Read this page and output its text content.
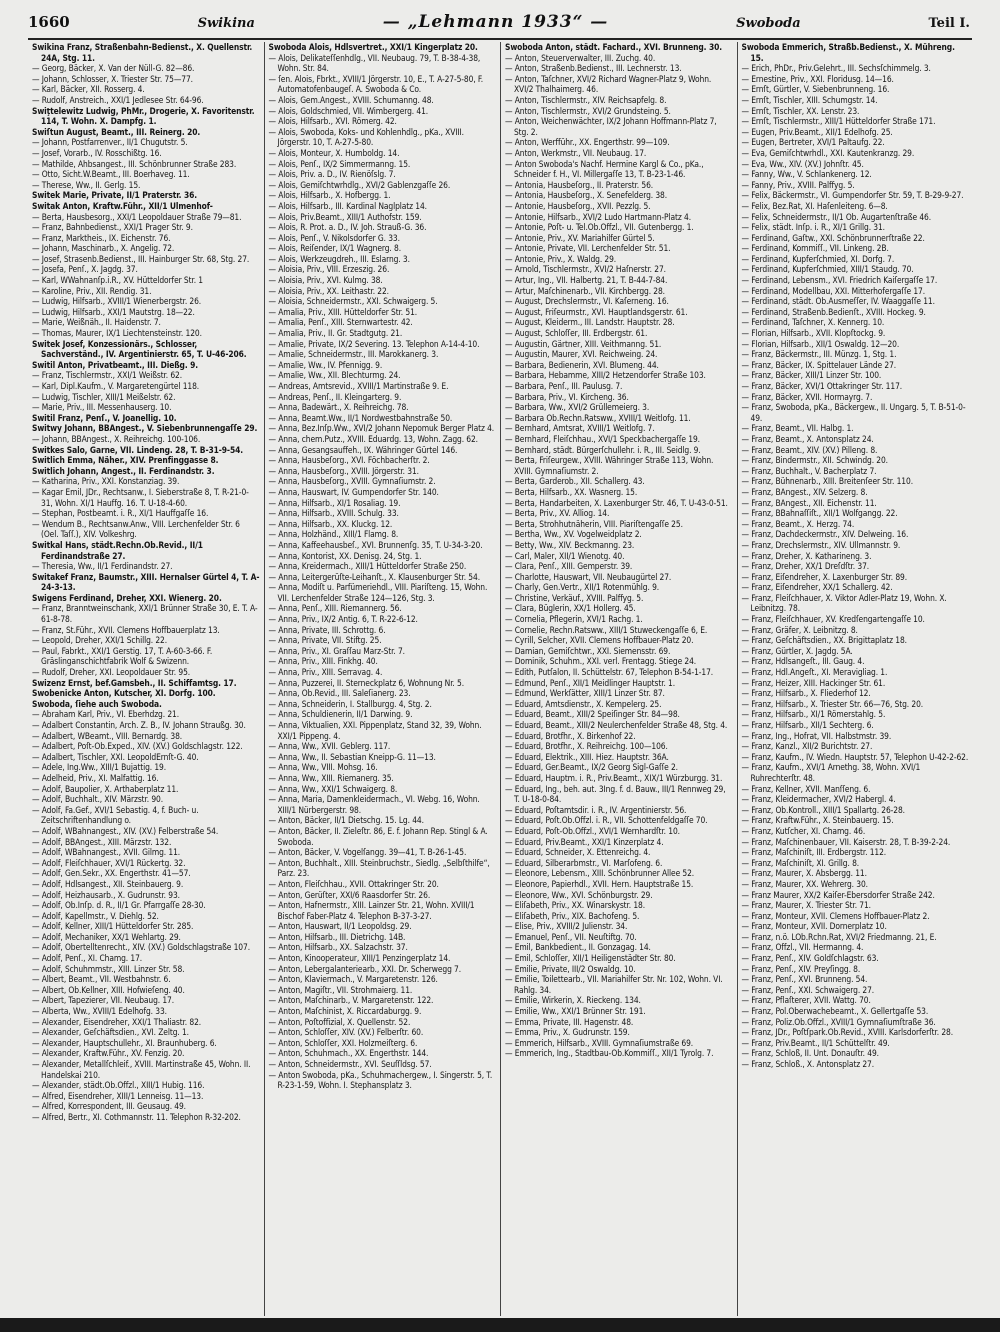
1660	Swikina	— „Lehmann 1933“ —	Swoboda	Teil I.
Swikina Franz, Straßenbahn-Bedienst., X. Quellenstr. 24A, Stg. 11.
— Georg, Bäcker, X. Van der Nüll-G. 82—86.
— Johann, Schlosser, X. Triester Str. 75—77.
— Karl, Bäcker, XII. Rosserg. 4.
— Rudolf, Anstreich., XXI/1 Jedlesee Str. 64-96.
Swiţtelewitz Ludwig, PhMr., Drogerie, X. Favoritenstr. 114, T. Wohn. X. Dampfg. 1.
Swiſtun August, Beamt., III. Reinerg. 20.
— Johann, Postfarrenver., II/1 Chugutstr. 5.
— Josef, Vorarb., IV. Rosschißtg. 16.
— Mathilde, Ahbsangest., III. Schönbrunner Straße 283.
— Otto, Sicht.W.Beamt., III. Boerhaveg. 11.
— Therese, Ww., II. Gerlg. 15.
Switek Marie, Private, II/1 Praterstr. 36.
Switak Anton, Kraftw.Führ., XII/1 Ulmenhof-
— Berta, Hausbesorg., XXI/1 Leopoldauer Straße 79—81.
— Franz, Bahnbedienst., XXI/1 Prager Str. 9.
— Franz, Marktheis., IX. Eichenstr. 76.
— Johann, Maschinarb., X. Angelig. 72.
— Josef, Strasenb.Bedienst., III. Hainburger Str. 68, Stg. 27.
— Josefa, Penſ., X. Jagdg. 37.
— Karl, WWahnanſp.i.R., XV. Hütteldorfer Str. 1
— Karoline, Priv., XII. Rendig. 31.
— Ludwig, Hilfsarb., XVIII/1 Wienerbergstr. 26.
— Ludwig, Hilfsarb., XXI/1 Mautstrg. 18—22.
— Marie, Weißnäh., II. Haidenstr. 7.
— Thomas, Maurer, IX/1 Liechtensteinstr. 120.
Switek Josef, Konzessionärs., Schlosser, Sachverständ., IV. Argentinierstr. 65, T. U-46-206.
Switil Anton, Privatbeamt., III. Dießg. 9.
— Franz, Tischlermstr., XXI/1 Weißstr. 62.
— Karl, Dipl.Kaufm., V. Margaretengürtel 118.
— Ludwig, Tischler, XIII/1 Meißelstr. 62.
— Marie, Priv., III. Messenhauserg. 10.
Switil Franz, Penſ., V. Joanellig. 10.
Switwy Johann, BBAngest., V. Siebenbrunnengaſſe 29.
— Johann, BBAngest., X. Reihreichg. 100-106.
Switkes Salo, Garne, VII. Lindeng. 28, T. B-31-9-54.
Switlich Emma, Näher., XIV. Prenfinggasse 8.
Switlich Johann, Angest., II. Ferdinandstr. 3.
— Katharina, Priv., XXI. Konstanziag. 39.
— Kagar Emil, JDr., Rechtsanw., I. Sieberstraße 8, T. R-21-0-31, Wohn. XI/1 Hauffg. 16. T. U-18-4-60.
— Stephan, Postbeamt. i. R., XI/1 Hauffgaſſe 16.
— Wendum B., Rechtsanw.Anw., VIII. Lerchenfelder Str. 6 (Oel. Taſſ.), XIV. Volkeshrg.
Switkal Hans, städt.Rechn.Ob.Revid., II/1 Ferdinandstraße 27.
— Theresia, Ww., II/1 Ferdinandstr. 27.
Switakef Franz, Baumstr., XIII. Hernalser Gürtel 4, T. A-24-3-13.
Swigens Ferdinand, Dreher, XXI. Wienerg. 20.
— Franz, Branntweinschank, XXI/1 Brünner Straße 30, E. T. A-61-8-78.
— Franz, St.Führ., XVII. Clemens Hoffbauerplatz 13.
— Leopold, Dreher, XXI/1 Schillg. 22.
— Paul, Fabrkt., XXI/1 Gerstig. 17, T. A-60-3-66. F. Gräslinganschichtfabrik Wolf & Swizenn.
— Rudolf, Dreher, XXI. Leopoldauer Str. 95.
Swizenz Ernst, bef.Gamsbeh., II. Schiffamtsg. 17.
Swobenicke Anton, Kutscher, XI. Dorfg. 100.
Swoboda, ſiehe auch Swoboda.
— Abraham Karl, Priv., VI. Eberhdzg. 21.
— Adalbert Constantin, Arch. Z. B., IV. Johann Straußg. 30.
— Adalbert, WBeamt., VIII. Bernardg. 38.
— Adalbert, Poſt-Ob.Exped., XIV. (XV.) Goldschlagstr. 122.
— Adalbert, Tischler, XXI. LeopoldErnſt-G. 40.
— Adele, Ing.Ww., XIII/1 Bujattig. 19.
— Adelheid, Priv., XI. Malfattig. 16.
— Adolf, Baupolier, X. Arthaberplatz 11.
— Adolf, Buchhalt., XIV. Märzstr. 90.
— Adolf, Fa.Gef., XVI/1 Sebastig. 4, f. Buch- u. Zeitschriftenhandlung o.
— Adolf, WBahnangest., XIV. (XV.) Felberstraße 54.
— Adolf, BBAngest., XIII. Märzstr. 132.
— Adolf, WBahnangest., XVII. Gilmg. 11.
— Adolf, Fleiſchhauer, XVI/1 Rückertg. 32.
— Adolf, Gen.Sekr., XX. Engerthstr. 41—57.
— Adolf, Hdlsangest., XII. Steinbauerg. 9.
— Adolf, Heizhausarb., X. Gudrunstr. 93.
— Adolf, Ob.Inſp. d. R., II/1 Gr. Pfarrgaſſe 28-30.
— Adolf, Kapellmstr., V. Diehlg. 52.
— Adolf, Kellner, XIII/1 Hütteldorfer Str. 285.
— Adolf, Mechaniker, XX/1 Wehlartg. 29.
— Adolf, Obertelltenrecht., XIV. (XV.) Goldschlagstraße 107.
— Adolf, Penſ., XI. Chamg. 17.
— Adolf, Schuhmmstr., XIII. Linzer Str. 58.
— Albert, Beamt., VII. Westbahnstr. 6.
— Albert, Ob.Kellner, XIII. Hofwieſeng. 40.
— Albert, Tapezierer, VII. Neubaug. 17.
— Alberta, Ww., XVIII/1 Edelhofg. 33.
— Alexander, Eisendreher, XXI/1 Thaliastr. 82.
— Alexander, Geſchäftsdien., XVI. Zeltg. 1.
— Alexander, Hauptschullehr., XI. Braunhuberg. 6.
— Alexander, Kraftw.Führ., XV. Fenzig. 20.
— Alexander, Metallſchleif., XVIII. Martinstraße 45, Wohn. II. Handelskai 210.
— Alexander, städt.Ob.Offzl., XIII/1 Hubig. 116.
— Alfred, Eisendreher, XIII/1 Lenneisg. 11—13.
— Alfred, Korrespondent, III. Geusaug. 49.
— Alfred, Bertr., XI. Cothmannstr. 11. Telephon R-32-202.
Swoboda Alois, Hdlsvertret., XXI/1 Kingerplatz 20.
— Alois, Delikateſſenhdlg., VII. Neubaug. 79, T. B-38-4-38, Wohn. Str. 84.
— ſen. Alois, Fbrkt., XVIII/1 Jörgerstr. 10, E., T. A-27-5-80, F. Automatofenbaugeſ. A. Swoboda & Co.
— Alois, Gem.Angest., XVIII. Schumanng. 48.
— Alois, Goldschmied, VII. Wimbergerg. 41.
— Alois, Hilfsarb., XVI. Römerg. 42.
— Alois, Swoboda, Koks- und Kohlenhdlg., pKa., XVIII. Jörgerstr. 10, T. A-27-5-80.
— Alois, Monteur, X. Humboldg. 14.
— Alois, Penſ., IX/2 Simmermanng. 15.
— Alois, Priv. a. D., IV. Rienöſslg. 7.
— Alois, Gemiſchtwrhdlg., XVI/2 Gablenzgaſſe 26.
— Alois, Hilfsarb., X. Hofbergg. 1.
— Alois, Hilfsarb., III. Kardinal Naglplatz 14.
— Alois, Priv.Beamt., XIII/1 Authofstr. 159.
— Alois, R. Prot. a. D., IV. Joh. Strauß-G. 36.
— Alois, Penſ., V. Nikolsdorfer G. 33.
— Alois, Reiſender, IX/1 Wagnerg. 8.
— Alois, Werkzeugdreh., III. Eslarng. 3.
— Aloisia, Priv., VIII. Erzeszig. 26.
— Aloisia, Priv., XVI. Kulmg. 38.
— Aloisia, Priv., XX. Leithastr. 22.
— Aloisia, Schneidermstr., XXI. Schwaigerg. 5.
— Amalia, Priv., XIII. Hütteldorfer Str. 51.
— Amalia, Penſ., XIII. Sternwartestr. 42.
— Amalia, Priv., II. Gr. Stadtgutg. 21.
— Amalie, Private, IX/2 Severing. 13. Telephon A-14-4-10.
— Amalie, Schneidermstr., III. Marokkanerg. 3.
— Amalie, Ww., IV. Pfennigg. 9.
— Amalie, Ww., XII. Blechturmg. 24.
— Andreas, Amtsrevid., XVIII/1 Martinstraße 9. E.
— Andreas, Penſ., II. Kleingarterg. 9.
— Anna, Badewärt., X. Reihreichg. 78.
— Anna, Beamt.Ww., II/1 Nordwestbahnstraße 50.
— Anna, Bez.Inſp.Ww., XVI/2 Johann Nepomuk Berger Platz 4.
— Anna, chem.Putz., XVIII. Eduardg. 13, Wohn. Zagg. 62.
— Anna, Gesangsauffeh., IX. Währinger Gürtel 146.
— Anna, Hausbeſorg., XVI. Föchbacherſtr. 2.
— Anna, Hausbeſorg., XVIII. Jörgerstr. 31.
— Anna, Hausbeſorg., XVIII. Gymnaſiumstr. 2.
— Anna, Hauswart, IV. Gumpendorfer Str. 140.
— Anna, Hilfsarb., XI/1 Rosaliag. 19.
— Anna, Hilfsarb., XVIII. Schulg. 33.
— Anna, Hilfsarb., XX. Kluckg. 12.
— Anna, Holzhänd., XIII/1 Flamg. 8.
— Anna, Kaffeehausbeſ., XVI. Brunnenſg. 35, T. U-34-3-20.
— Anna, Kontorist, XX. Denisg. 24, Stg. 1.
— Anna, Kreidermach., XIII/1 Hütteldorfer Straße 250.
— Anna, Leitergerüſte-Leihanſt., X. Klausenburger Str. 54.
— Anna, Modiſt u. Parfümeriehdl., VIII. Piariſteng. 15, Wohn. VII. Lerchenfelder Straße 124—126, Stg. 3.
— Anna, Penſ., XIII. Riemannerg. 56.
— Anna, Priv., IX/2 Antig. 6, T. R-22-6-12.
— Anna, Private, III. Schrottg. 6.
— Anna, Private, VII. Stiftg. 25.
— Anna, Priv., XI. Graſſau Marz-Str. 7.
— Anna, Priv., XIII. Finkhg. 40.
— Anna, Priv., XIII. Serravag. 4.
— Anna, Puzzerei, II. Sterneckplatz 6, Wohnung Nr. 5.
— Anna, Ob.Revid., III. Saleſianerg. 23.
— Anna, Schneiderin, I. Stallburgg. 4, Stg. 2.
— Anna, Schuldienerin, II/1 Darwing. 9.
— Anna, Viktualien, XXI. Pippenplatz, Stand 32, 39, Wohn. XXI/1 Pippeng. 4.
— Anna, Ww., XVII. Geblerg. 117.
— Anna, Ww., II. Sebastian Kneipp-G. 11—13.
— Anna, Ww., VIII. Mohsg. 16.
— Anna, Ww., XIII. Riemanerg. 35.
— Anna, Ww., XXI/1 Schwaigerg. 8.
— Anna, Maria, Damenkleidermach., VI. Webg. 16, Wohn. XIII/1 Nürbergerstr. 98.
— Anton, Bäcker, II/1 Dietschg. 15. Lg. 44.
— Anton, Bäcker, II. Zieleſtr. 86, E. f. Johann Rep. Stingl & A. Swoboda.
— Anton, Bäcker, V. Vogelſangg. 39—41, T. B-26-1-45.
— Anton, Buchhalt., XIII. Steinbruchstr., Siedlg. „Selbſthilfe“, Parz. 23.
— Anton, Fleiſchhau., XVII. Ottakringer Str. 20.
— Anton, Gerüſter, XXI/6 Raasdorfer Str. 26.
— Anton, Hafnermstr., XIII. Lainzer Str. 21, Wohn. XVIII/1 Bischof Faber-Platz 4. Telephon B-37-3-27.
— Anton, Hauswart, II/1 Leopoldsg. 29.
— Anton, Hilfsarb., III. Dietrichg. 14B.
— Anton, Hilfsarb., XX. Salzachstr. 37.
— Anton, Kinooperateur, XIII/1 Penzingerplatz 14.
— Anton, Lebergalanteriearb., XXI. Dr. Scherwegg 7.
— Anton, Klaviermach., V. Margaretenstr. 126.
— Anton, Magiſtr., VII. Strohmaierg. 11.
— Anton, Maſchinarb., V. Margaretenstr. 122.
— Anton, Maſchinist, X. Riccardaburgg. 9.
— Anton, Poſtoffizial, X. Quellenstr. 52.
— Anton, Schloſſer, XIV. (XV.) Felberſtr. 60.
— Anton, Schloſſer, XXI. Holzmeiſterg. 6.
— Anton, Schuhmach., XX. Engerthstr. 144.
— Anton, Schneidermstr., XVI. Seuſſldsg. 57.
— Anton Swoboda, pKa., Schuhmachergew., I. Singerstr. 5, T. R-23-1-59, Wohn. I. Stephansplatz 3.
Swoboda Anton, städt. Fachard., XVI. Brunneng. 30.
— Anton, Steuerverwalter, III. Zuchg. 40.
— Anton, Straßenb.Bedienst., III. Lechnerstr. 13.
— Anton, Taſchner, XVI/2 Richard Wagner-Platz 9, Wohn. XVI/2 Thalhaimerg. 46.
— Anton, Tischlermstr., XIV. Reichsapfelg. 8.
— Anton, Tischlermstr., XVI/2 Grundsteing. 5.
— Anton, Weichenwächter, IX/2 Johann Hoffmann-Platz 7, Stg. 2.
— Anton, Werfführ., XX. Engerthstr. 99—109.
— Anton, Werkmstr., VII. Neubaug. 17.
— Anton Swoboda's Nachf. Hermine Kargl & Co., pKa., Schneider f. H., VI. Millergaſſe 13, T. B-23-1-46.
— Antonia, Hausbeſorg., II. Praterstr. 56.
— Antonia, Hausbeſorg., X. Senefelderg. 38.
— Antonie, Hausbeſorg., XVII. Pezzlg. 5.
— Antonie, Hilfsarb., XVI/2 Ludo Hartmann-Platz 4.
— Antonie, Poſt- u. Tel.Ob.Offzl., VII. Gutenbergg. 1.
— Antonie, Priv., XV. Mariahilfer Gürtel 5.
— Antonie, Private, VII. Lerchenfelder Str. 51.
— Antonie, Priv., X. Waldg. 29.
— Arnold, Tischlermstr., XVI/2 Haſnerstr. 27.
— Artur, Ing., VII. Halbertg. 21, T. B-44-7-84.
— Artur, Maſchinenarb., VII. Kirchbergg. 28.
— August, Drechslermstr., VI. Kaſerneng. 16.
— August, Friſeurmstr., XVI. Hauptlandsgerstr. 61.
— August, Kleiderm., III. Landstr. Hauptstr. 28.
— August, Schloſſer, III. Erdbergstr. 61.
— Augustin, Gärtner, XIII. Veithmanng. 51.
— Augustin, Maurer, XVI. Reichweing. 24.
— Barbara, Bedienerin, XVI. Blumeng. 44.
— Barbara, Hebamme, XIII/2 Hetzendorfer Straße 103.
— Barbara, Penſ., III. Paulusg. 7.
— Barbara, Priv., VI. Kircheng. 36.
— Barbara, Ww., XVI/2 Grüllemeierg. 3.
— Barbara Ob.Rechn.Ratsww., XVIII/1 Weitlofg. 11.
— Bernhard, Amtsrat, XVIII/1 Weitlofg. 7.
— Bernhard, Fleiſchhau., XVI/1 Speckbachergaſſe 19.
— Bernhard, städt. Bürgerſchullehr. i. R., III. Seidlg. 9.
— Berta, Friſeurgew., XVIII. Währinger Straße 113, Wohn. XVIII. Gymnaſiumstr. 2.
— Berta, Garderob., XII. Schallerg. 43.
— Berta, Hilfsarb., XX. Wasnerg. 15.
— Berta, Handarbeiten, X. Laxenburger Str. 46, T. U-43-0-51.
— Berta, Priv., XV. Alliog. 14.
— Berta, Strohhutnäherin, VIII. Piariſtengaſſe 25.
— Bertha, Ww., XV. Vogelweidplatz 2.
— Betty, Ww., XIV. Beckmanng. 23.
— Carl, Maler, XII/1 Wienotg. 40.
— Clara, Penſ., XIII. Gemperstr. 39.
— Charlotte, Hauswart, VII. Neubaugürtel 27.
— Charly, Gen.Vertr., XII/1 Rotenmühlg. 9.
— Christine, Verkäuf., XVIII. Palffyg. 5.
— Clara, Büglerin, XX/1 Hollerg. 45.
— Cornelia, Pflegerin, XVI/1 Rachg. 1.
— Cornelie, Rechn.Ratsww., XIII/1 Stuweckengaſſe 6, E.
— Cyrill, Selcher, XVII. Clemens Hoffbauer-Platz 20.
— Damian, Gemiſchtwr., XXI. Siemensstr. 69.
— Dominik, Schuhm., XXI. verl. Frentagg. Stiege 24.
— Edith, Putſalon, II. Schüttelstr. 67, Telephon B-54-1-17.
— Edmund, Penſ., XII/1 Meidlinger Hauptstr. 1.
— Edmund, Werkſätter, XIII/1 Linzer Str. 87.
— Eduard, Amtsdienstr., X. Kempelerg. 25.
— Eduard, Beamt., XIII/2 Speiſinger Str. 84—98.
— Eduard, Beamt., XIII/2 Neulerchenfelder Straße 48, Stg. 4.
— Eduard, Brotfhr., X. Birkenhof 22.
— Eduard, Brotfhr., X. Reihreichg. 100—106.
— Eduard, Elektrik., XIII. Hiez. Hauptstr. 36A.
— Eduard, Ger.Beamt., IX/2 Georg Sigl-Gaſſe 2.
— Eduard, Hauptm. i. R., Priv.Beamt., XIX/1 Würzburgg. 31.
— Eduard, Ing., beh. aut. 3Ing. f. d. Bauw., III/1 Rennweg 29, T. U-18-0-84.
— Eduard, Poſtamtsdir. i. R., IV. Argentinierstr. 56.
— Eduard, Poſt.Ob.Offzl. i. R., VII. Schottenfeldgaſſe 70.
— Eduard, Poſt-Ob.Offzl., XVI/1 Wernhardſtr. 10.
— Eduard, Priv.Beamt., XXI/1 Kinzerplatz 4.
— Eduard, Schneider, X. Ettenreichg. 4.
— Eduard, Silberarbmstr., VI. Marſofeng. 6.
— Eleonore, Lebensm., XIII. Schönbrunner Allee 52.
— Eleonore, Papierhdl., XVII. Hern. Hauptstraße 15.
— Eleonore, Ww., XVI. Schönburgstr. 29.
— Eliſabeth, Priv., XX. Winarskystr. 18.
— Eliſabeth, Priv., XIX. Bachofeng. 5.
— Elise, Priv., XVIII/2 Julienstr. 34.
— Emanuel, Penſ., VII. Neuſtiftg. 70.
— Emil, Bankbedient., II. Gonzagag. 14.
— Emil, Schloſſer, XII/1 Heiligenstädter Str. 80.
— Emilie, Private, III/2 Oswaldg. 10.
— Emilie, Toilettearb., VII. Mariahilfer Str. Nr. 102, Wohn. VI. Rahlg. 34.
— Emilie, Wirkerin, X. Rieckeng. 134.
— Emilie, Ww., XXI/1 Brünner Str. 191.
— Emma, Private, III. Hagenstr. 48.
— Emma, Priv., X. Gudrunstr. 159.
— Emmerich, Hilfsarb., XVIII. Gymnaſiumstraße 69.
— Emmerich, Ing., Stadtbau-Ob.Kommiſſ., XII/1 Tyrolg. 7.
Swoboda Emmerich, Straßb.Bedienst., X. Mühreng. 15.
— Erich, PhDr., Priv.Gelehrt., III. Sechsſchimmelg. 3.
— Ernestine, Priv., XXI. Floridusg. 14—16.
— Ernſt, Gürtler, V. Siebenbrunneng. 16.
— Ernſt, Tischler, XIII. Schumgstr. 14.
— Ernſt, Tischler, XX. Lenstr. 23.
— Ernſt, Tischlermstr., XIII/1 Hütteldorfer Straße 171.
— Eugen, Priv.Beamt., XII/1 Edelhofg. 25.
— Eugen, Bertreter, XVI/1 Paltaufg. 22.
— Eva, Gemiſchtwrhdl., XXI. Kautenkranzg. 29.
— Eva, Ww., XIV. (XV.) Johnſtr. 45.
— Fanny, Ww., V. Schlankenerg. 12.
— Fanny, Priv., XVIII. Palffyg. 5.
— Felix, Bäckermstr., VI. Gumpendorfer Str. 59, T. B-29-9-27.
— Felix, Bez.Rat, XI. Haſenleiteng. 6—8.
— Felix, Schneidermstr., II/1 Ob. Augartenſtraße 46.
— Felix, städt. Inſp. i. R., XI/1 Grillg. 31.
— Ferdinand, Gaſtw., XXI. Schönbrunnerſtraße 22.
— Ferdinand, Kommiſſ., VII. Linkeng. 2B.
— Ferdinand, Kupferſchmied, XI. Dorfg. 7.
— Ferdinand, Kupferſchmied, XIII/1 Staudg. 70.
— Ferdinand, Lebensm., XVI. Friedrich Kaiſergaſſe 17.
— Ferdinand, Modellbau, XXI. Mitterhofergaſſe 17.
— Ferdinand, städt. Ob.Ausmeſſer, IV. Waaggaſſe 11.
— Ferdinand, Straßenb.Bedienſt., XVIII. Hockeg. 9.
— Ferdinand, Taſchner, X. Kennerg. 10.
— Florian, Hilfsarb., XVII. Klopſtockg. 9.
— Florian, Hilfsarb., XII/1 Oswaldg. 12—20.
— Franz, Bäckermstr., III. Münzg. 1, Stg. 1.
— Franz, Bäcker, IX. Spittelauer Lände 27.
— Franz, Bäcker, XIII/1 Linzer Str. 100.
— Franz, Bäcker, XVI/1 Ottakringer Str. 117.
— Franz, Bäcker, XVII. Hormayrg. 7.
— Franz, Swoboda, pKa., Bäckergew., II. Ungarg. 5, T. B-51-0-49.
— Franz, Beamt., VII. Halbg. 1.
— Franz, Beamt., X. Antonsplatz 24.
— Franz, Beamt., XIV. (XV.) Pilleng. 8.
— Franz, Bindermstr., XII. Schwindg. 20.
— Franz, Buchhalt., V. Bacherplatz 7.
— Franz, Bühnenarb., XIII. Breitenſeer Str. 110.
— Franz, BAngest., XIV. Selzerg. 8.
— Franz, BAngest., XII. Eichenstr. 11.
— Franz, BBahnaſſiſt., XII/1 Wolfgangg. 22.
— Franz, Beamt., X. Herzg. 74.
— Franz, Dachdeckermstr., XIV. Delweing. 16.
— Franz, Drechslermstr., XIV. Ullmannstr. 9.
— Franz, Dreher, X. Katharineng. 3.
— Franz, Dreher, XX/1 Dreſdſtr. 37.
— Franz, Eiſendreher, X. Laxenburger Str. 89.
— Franz, Eiſendreher, XX/1 Schallerg. 42.
— Franz, Fleiſchhauer, X. Viktor Adler-Platz 19, Wohn. X. Leibnitzg. 78.
— Franz, Fleiſchhauer, XV. Kredſengartengaſſe 10.
— Franz, Gräfer, X. Leibnitzg. 8.
— Franz, Geſchäftsdien., XX. Brigittaplatz 18.
— Franz, Gürtler, X. Jagdg. 5A.
— Franz, Hdlsangeſt., III. Gaug. 4.
— Franz, Hdl.Angeſt., XI. Meravigliag. 1.
— Franz, Heizer, XIII. Hackinger Str. 61.
— Franz, Hilfsarb., X. Fliederhof 12.
— Franz, Hilfsarb., X. Triester Str. 66—76, Stg. 20.
— Franz, Hilfsarb., XI/1 Römerstahlg. 5.
— Franz, Hilfsarb., XII/1 Sechterg. 6.
— Franz, Ing., Hofrat, VII. Halbstmstr. 39.
— Franz, Kanzl., XII/2 Burichtstr. 27.
— Franz, Kaufm., IV. Wiedn. Hauptstr. 57, Telephon U-42-2-62.
— Franz, Kaufm., XVI/1 Arnethg. 38, Wohn. XVI/1 Ruhrechterſtr. 48.
— Franz, Kellner, XVII. Manſſeng. 6.
— Franz, Kleidermacher, XVI/2 Habergl. 4.
— Franz, Ob.Kontroll., XIII/1 Spallartg. 26-28.
— Franz, Kraftw.Führ., X. Steinbauerg. 15.
— Franz, Kutſcher, XI. Chamg. 46.
— Franz, Maſchinenbauer, VII. Kaiserstr. 28, T. B-39-2-24.
— Franz, Maſchiniſt, III. Erdbergstr. 112.
— Franz, Maſchiniſt, XI. Grillg. 8.
— Franz, Maurer, X. Absbergg. 11.
— Franz, Maurer, XX. Wehrerg. 30.
— Franz Maurer, XX/2 Kaiſer-Ebersdorfer Straße 242.
— Franz, Maurer, X. Triester Str. 71.
— Franz, Monteur, XVII. Clemens Hoffbauer-Platz 2.
— Franz, Monteur, XVII. Dornerplatz 10.
— Franz, n.ö. LOb.Rchn.Rat, XVI/2 Friedmanng. 21, E.
— Franz, Offzl., VII. Hermanng. 4.
— Franz, Penſ., XIV. Goldſchlagstr. 63.
— Franz, Penſ., XIV. Preyſingg. 8.
— Franz, Penſ., XVI. Brunneng. 54.
— Franz, Penſ., XXI. Schwaigerg. 27.
— Franz, Pflaſterer, XVII. Wattg. 70.
— Franz, Pol.Oberwachebeamt., X. Gellertgaſſe 53.
— Franz, Poliz.Ob.Offzl., XVIII/1 Gymnaſiumſtraße 36.
— Franz, JDr., Poſtſpark.Ob.Revid., XVIII. Karlsdorferſtr. 28.
— Franz, Priv.Beamt., II/1 Schüttelſtr. 49.
— Franz, Schloß, II. Unt. Donauſtr. 49.
— Franz, Schloß., X. Antonsplatz 27.
